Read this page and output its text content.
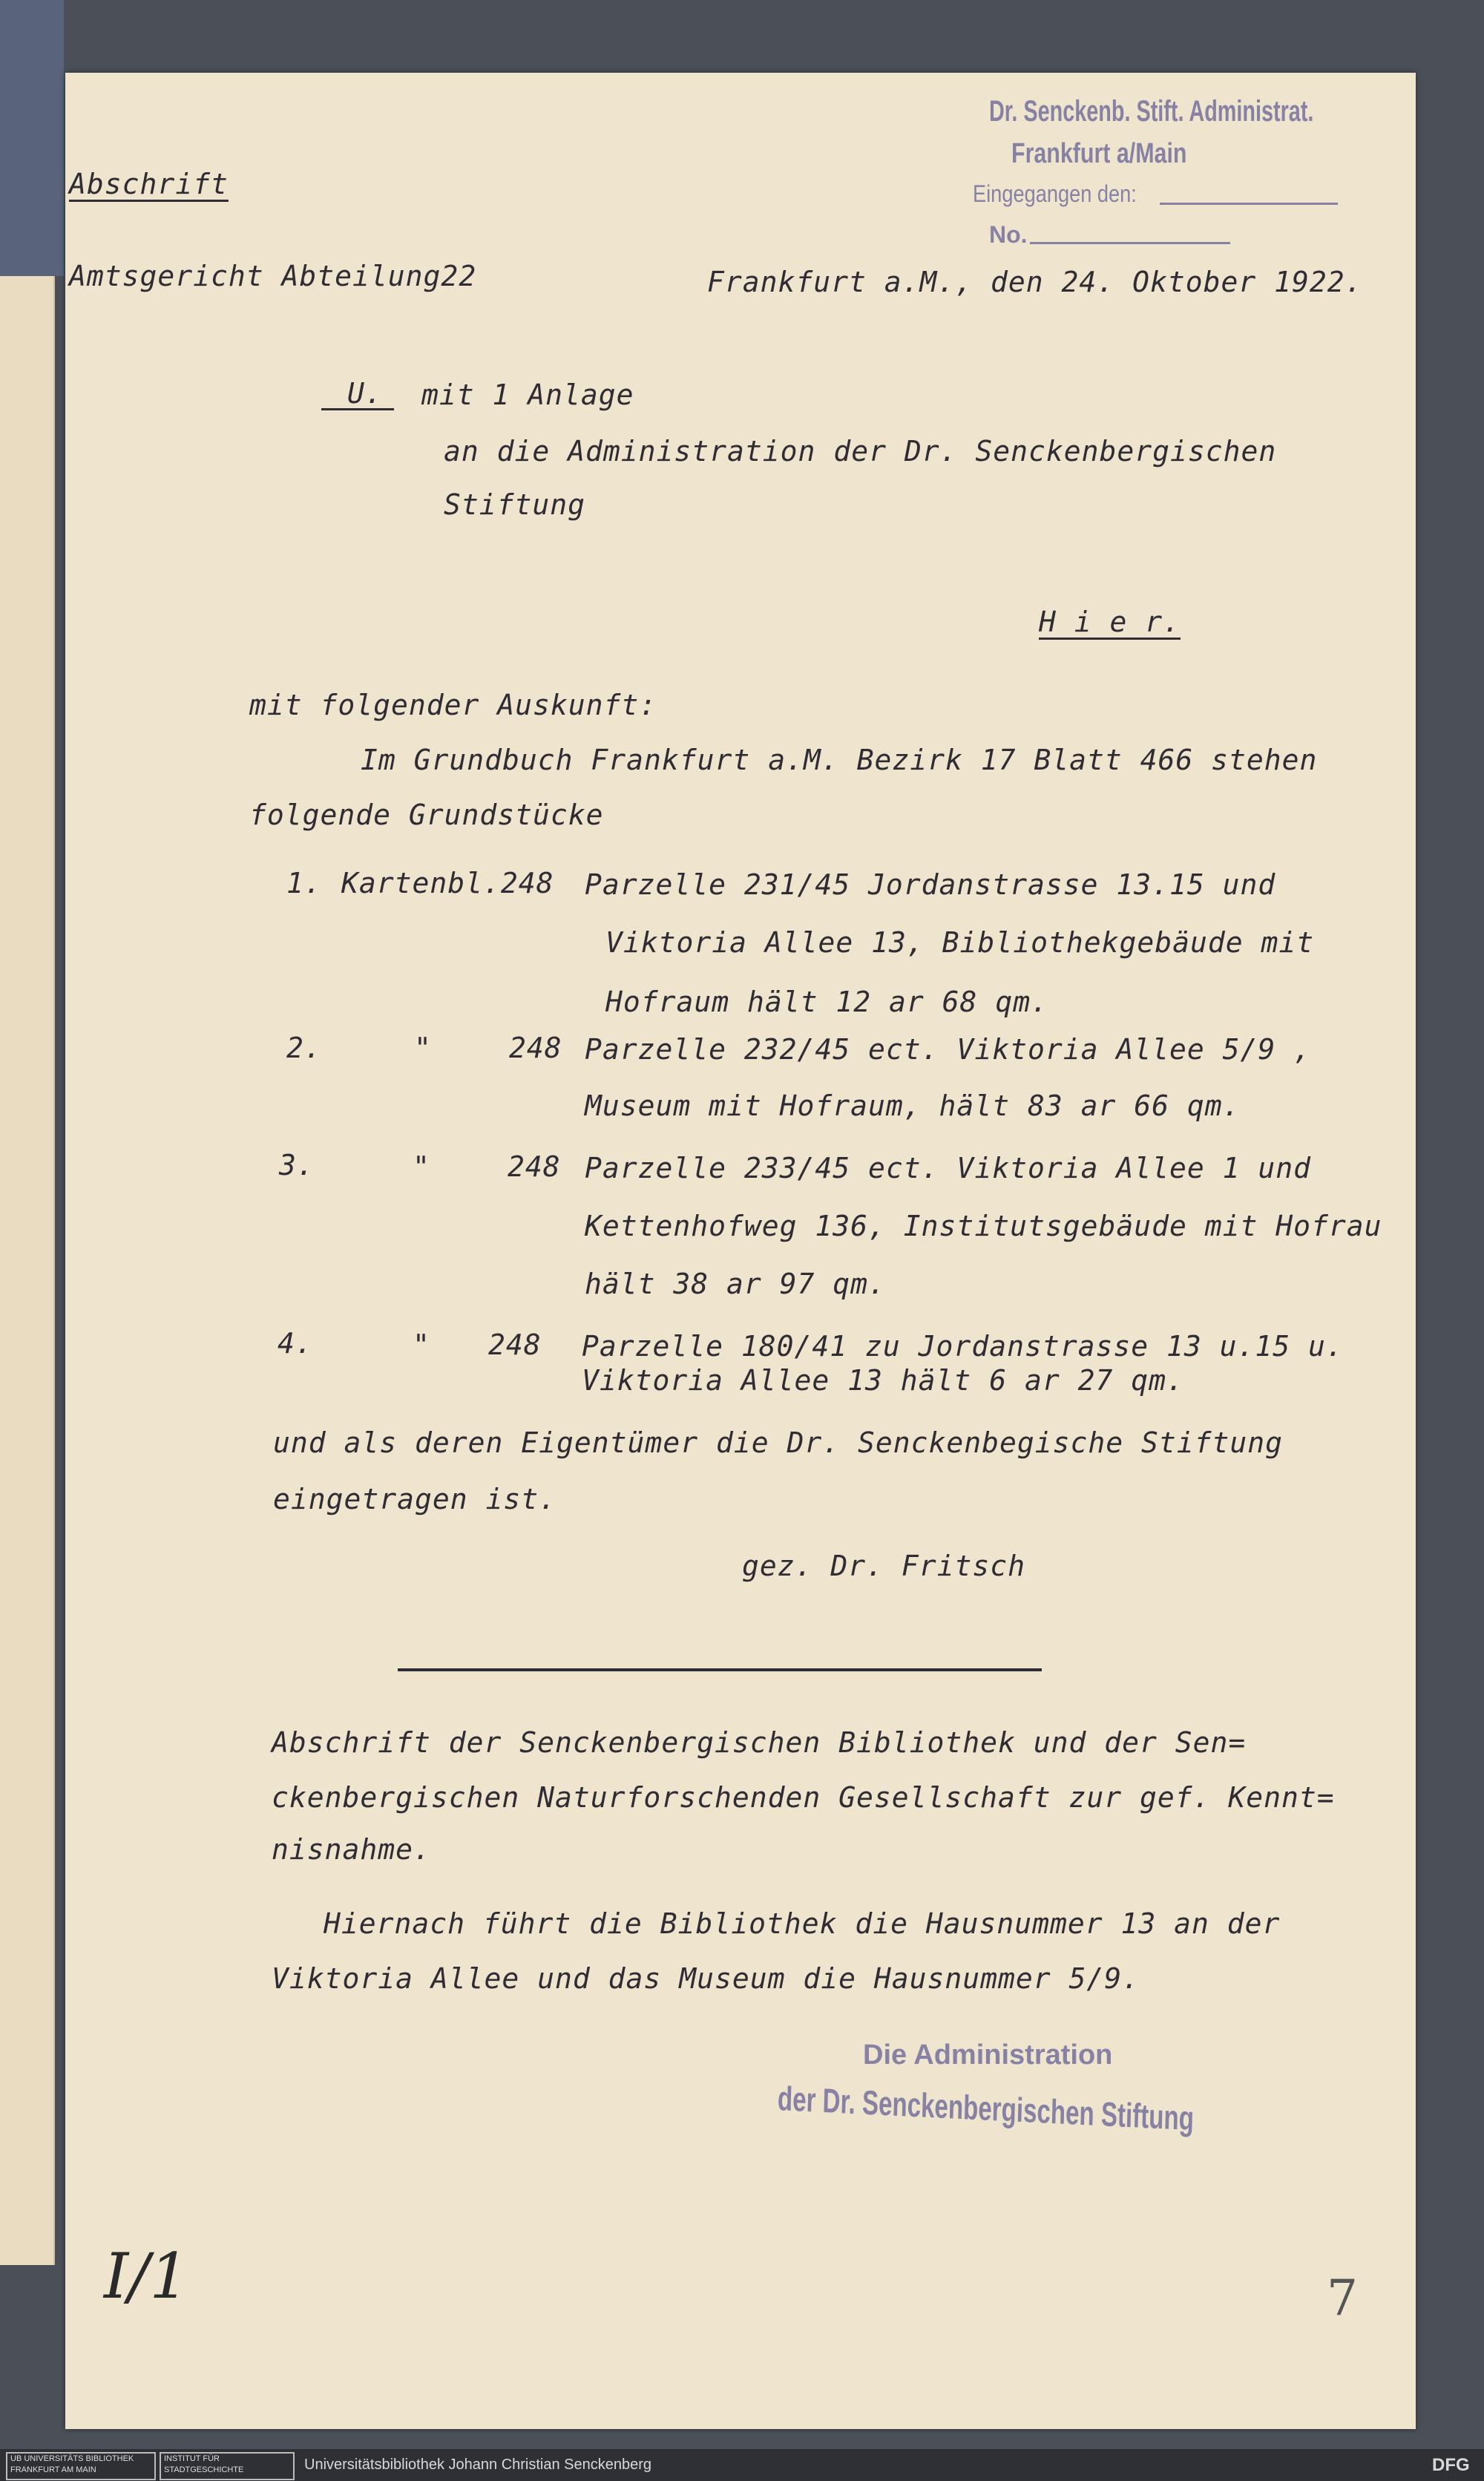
Dr. Senckenb. Stift. Administrat.
Frankfurt a/Main
Eingegangen den:
No.
Abschrift
Amtsgericht Abteilung22	Frankfurt a.M., den 24. Oktober 1922.
U. mit 1 Anlage
an die Administration der Dr. Senckenbergischen
Stiftung
H i e r.
mit folgender Auskunft:
Im Grundbuch Frankfurt a.M. Bezirk 17 Blatt 466 stehen
folgende Grundstücke
1. Kartenbl.248 Parzelle 231/45 Jordanstrasse 13.15 und
Viktoria Allee 13, Bibliothekgebäude mit
Hofraum hält 12 ar 68 qm.
2.	"	248 Parzelle 232/45 ect. Viktoria Allee 5/9 ,
Museum mit Hofraum, hält 83 ar 66 qm.
3.	"	248 Parzelle 233/45 ect. Viktoria Allee 1 und
Kettenhofweg 136, Institutsgebäude mit Hofrau
hält 38 ar 97 qm.
4.	" 248 Parzelle 180/41 zu Jordanstrasse 13 u.15 u.
Viktoria Allee 13 hält 6 ar 27 qm.
und als deren Eigentümer die Dr. Senckenbegische Stiftung
eingetragen ist.
gez. Dr. Fritsch
Abschrift der Senckenbergischen Bibliothek und der Sen=
ckenbergischen Naturforschenden Gesellschaft zur gef. Kennt=
nisnahme.
Hiernach führt die Bibliothek die Hausnummer 13 an der
Viktoria Allee und das Museum die Hausnummer 5/9.
Die Administration
der Dr. Senckenbergischen Stiftung
I/1	7
UB UNIVERSITÄTS BIBLIOTHEK FRANKFURT AM MAIN
INSTITUT FÜR STADTGESCHICHTE	Universitätsbibliothek Johann Christian Senckenberg	DFG
